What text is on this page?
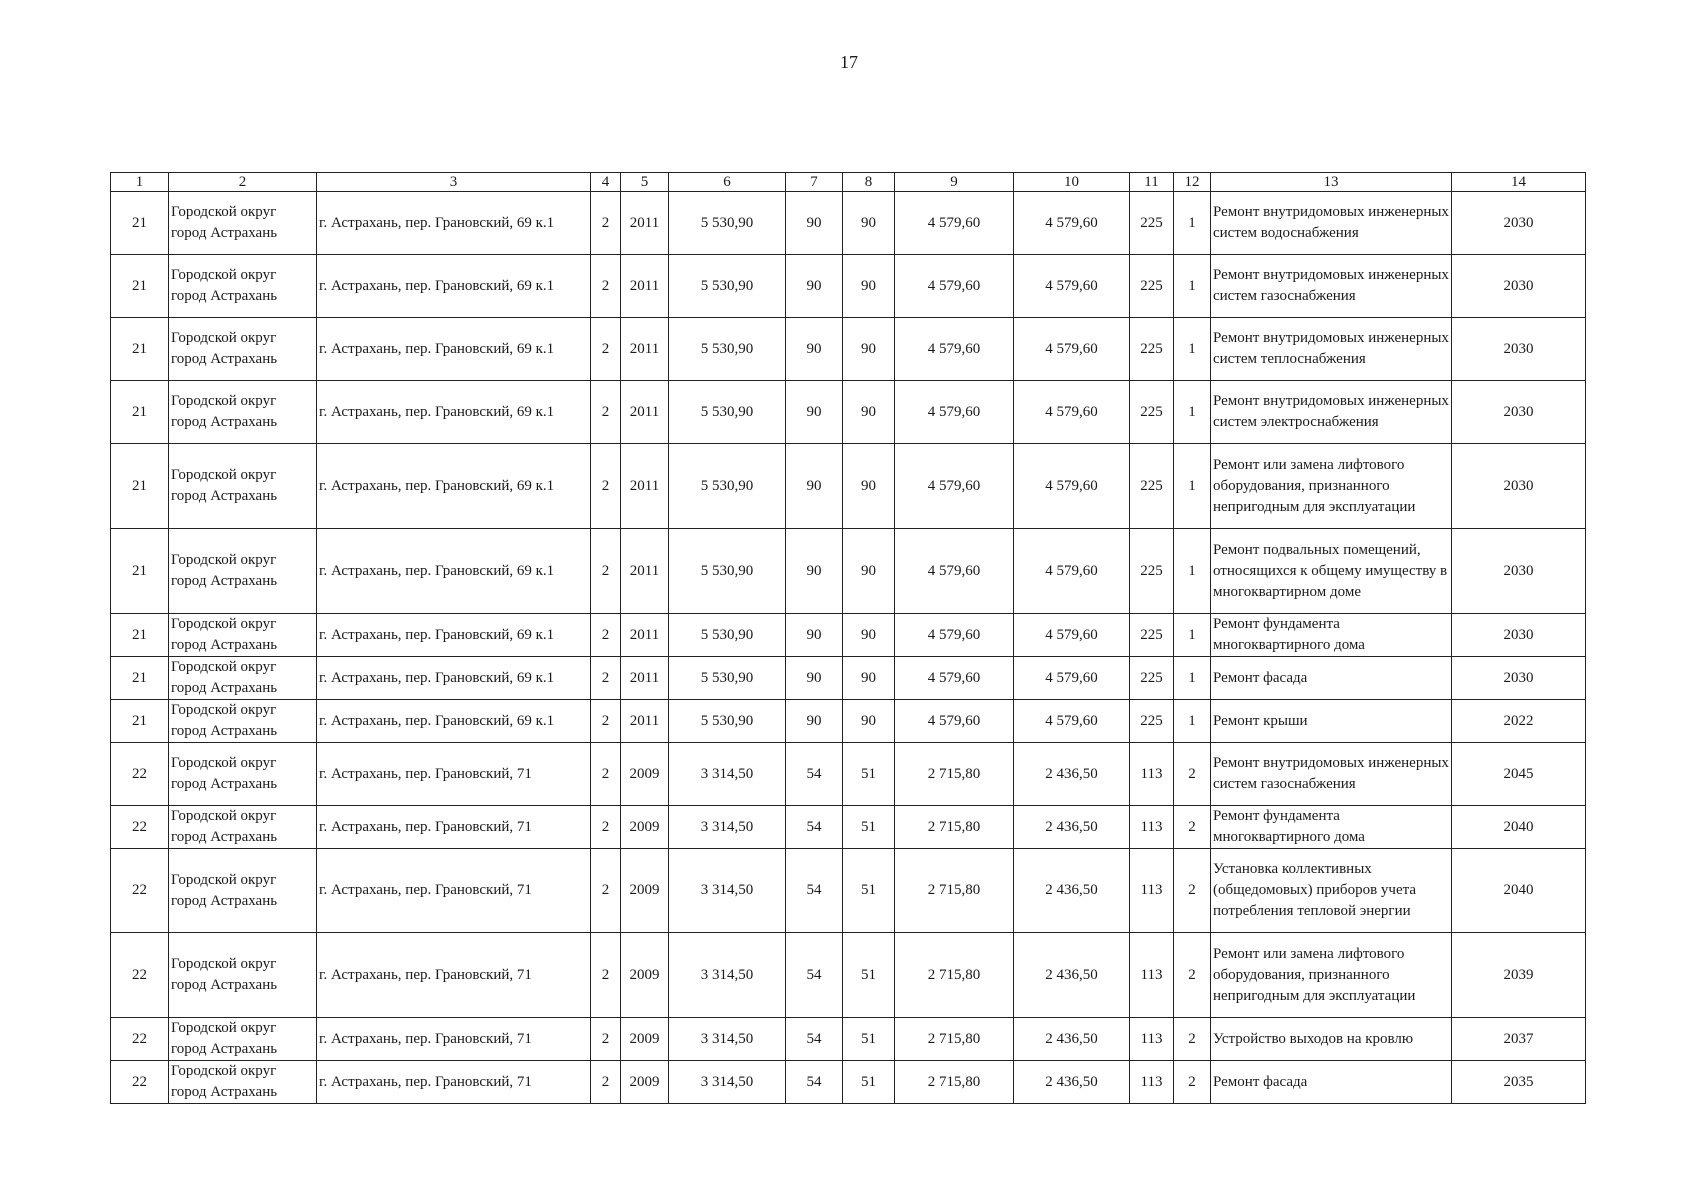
17
1	2	3	4	5	6	7	8	9	10	11	12	13	14
21	Городской округ город Астрахань	г. Астрахань, пер. Грановский, 69 к.1	2	2011	5 530,90	90	90	4 579,60	4 579,60	225	1	Ремонт внутридомовых инженерных систем водоснабжения	2030
21	Городской округ город Астрахань	г. Астрахань, пер. Грановский, 69 к.1	2	2011	5 530,90	90	90	4 579,60	4 579,60	225	1	Ремонт внутридомовых инженерных систем газоснабжения	2030
21	Городской округ город Астрахань	г. Астрахань, пер. Грановский, 69 к.1	2	2011	5 530,90	90	90	4 579,60	4 579,60	225	1	Ремонт внутридомовых инженерных систем теплоснабжения	2030
21	Городской округ город Астрахань	г. Астрахань, пер. Грановский, 69 к.1	2	2011	5 530,90	90	90	4 579,60	4 579,60	225	1	Ремонт внутридомовых инженерных систем электроснабжения	2030
21	Городской округ город Астрахань	г. Астрахань, пер. Грановский, 69 к.1	2	2011	5 530,90	90	90	4 579,60	4 579,60	225	1	Ремонт или замена лифтового оборудования, признанного непригодным для эксплуатации	2030
21	Городской округ город Астрахань	г. Астрахань, пер. Грановский, 69 к.1	2	2011	5 530,90	90	90	4 579,60	4 579,60	225	1	Ремонт подвальных помещений, относящихся к общему имуществу в многоквартирном доме	2030
21	Городской округ город Астрахань	г. Астрахань, пер. Грановский, 69 к.1	2	2011	5 530,90	90	90	4 579,60	4 579,60	225	1	Ремонт фундамента многоквартирного дома	2030
21	Городской округ город Астрахань	г. Астрахань, пер. Грановский, 69 к.1	2	2011	5 530,90	90	90	4 579,60	4 579,60	225	1	Ремонт фасада	2030
21	Городской округ город Астрахань	г. Астрахань, пер. Грановский, 69 к.1	2	2011	5 530,90	90	90	4 579,60	4 579,60	225	1	Ремонт крыши	2022
22	Городской округ город Астрахань	г. Астрахань, пер. Грановский, 71	2	2009	3 314,50	54	51	2 715,80	2 436,50	113	2	Ремонт внутридомовых инженерных систем газоснабжения	2045
22	Городской округ город Астрахань	г. Астрахань, пер. Грановский, 71	2	2009	3 314,50	54	51	2 715,80	2 436,50	113	2	Ремонт фундамента многоквартирного дома	2040
22	Городской округ город Астрахань	г. Астрахань, пер. Грановский, 71	2	2009	3 314,50	54	51	2 715,80	2 436,50	113	2	Установка коллективных (общедомовых) приборов учета потребления тепловой энергии	2040
22	Городской округ город Астрахань	г. Астрахань, пер. Грановский, 71	2	2009	3 314,50	54	51	2 715,80	2 436,50	113	2	Ремонт или замена лифтового оборудования, признанного непригодным для эксплуатации	2039
22	Городской округ город Астрахань	г. Астрахань, пер. Грановский, 71	2	2009	3 314,50	54	51	2 715,80	2 436,50	113	2	Устройство выходов на кровлю	2037
22	Городской округ город Астрахань	г. Астрахань, пер. Грановский, 71	2	2009	3 314,50	54	51	2 715,80	2 436,50	113	2	Ремонт фасада	2035
